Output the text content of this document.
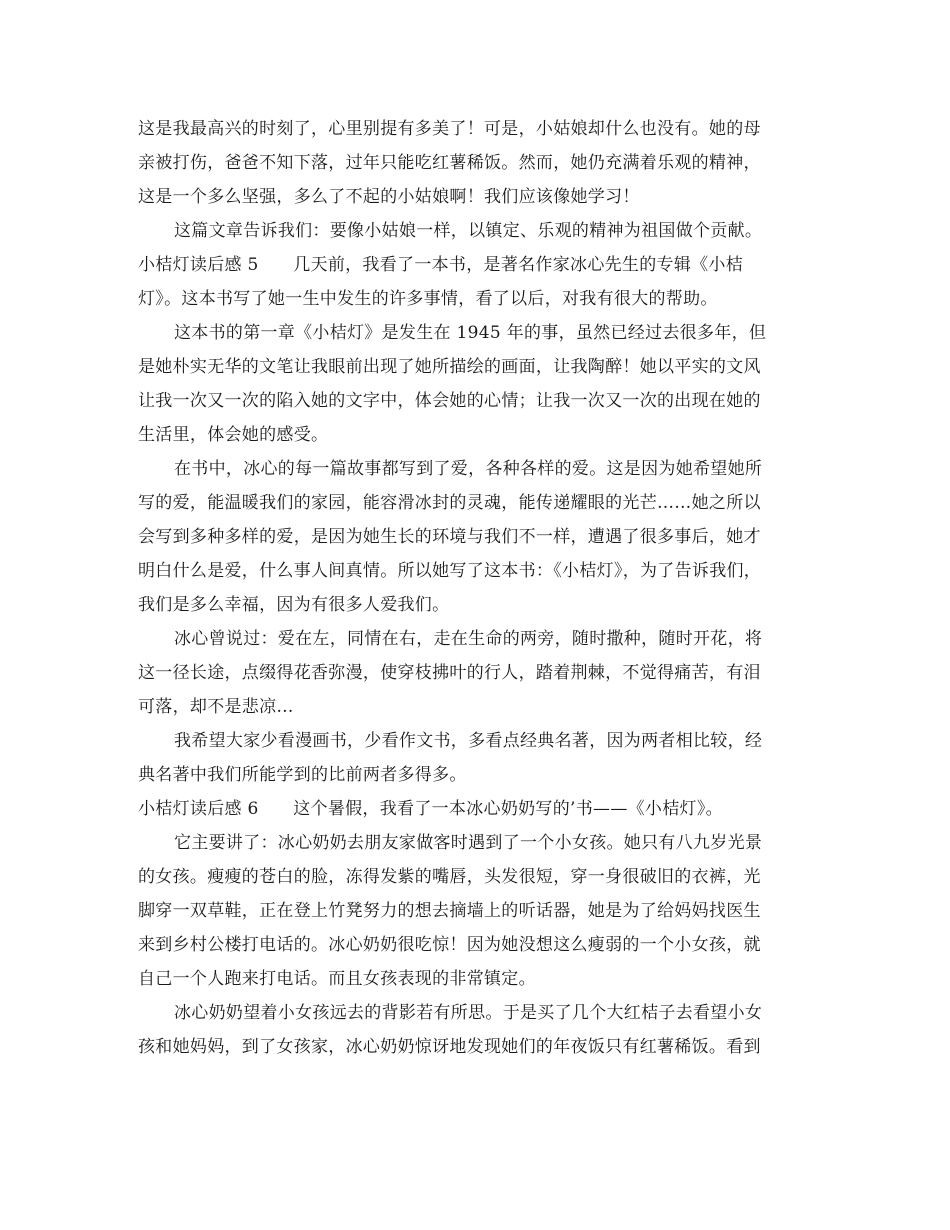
这是我最高兴的时刻了，心里别提有多美了！可是，小姑娘却什么也没有。她的母
亲被打伤，爸爸不知下落，过年只能吃红薯稀饭。然而，她仍充满着乐观的精神，
这是一个多么坚强，多么了不起的小姑娘啊！我们应该像她学习！
这篇文章告诉我们：要像小姑娘一样，以镇定、乐观的精神为祖国做个贡献。
小桔灯读后感 5　　几天前，我看了一本书，是著名作家冰心先生的专辑《小桔
灯》。这本书写了她一生中发生的许多事情，看了以后，对我有很大的帮助。
这本书的第一章《小桔灯》是发生在 1945 年的事，虽然已经过去很多年，但
是她朴实无华的文笔让我眼前出现了她所描绘的画面，让我陶醉！她以平实的文风
让我一次又一次的陷入她的文字中，体会她的心情；让我一次又一次的出现在她的
生活里，体会她的感受。
在书中，冰心的每一篇故事都写到了爱，各种各样的爱。这是因为她希望她所
写的爱，能温暖我们的家园，能容滑冰封的灵魂，能传递耀眼的光芒……她之所以
会写到多种多样的爱，是因为她生长的环境与我们不一样，遭遇了很多事后，她才
明白什么是爱，什么事人间真情。所以她写了这本书：《小桔灯》，为了告诉我们，
我们是多么幸福，因为有很多人爱我们。
冰心曾说过：爱在左，同情在右，走在生命的两旁，随时撒种，随时开花，将
这一径长途，点缀得花香弥漫，使穿枝拂叶的行人，踏着荆棘，不觉得痛苦，有泪
可落，却不是悲凉…
我希望大家少看漫画书，少看作文书，多看点经典名著，因为两者相比较，经
典名著中我们所能学到的比前两者多得多。
小桔灯读后感 6　　这个暑假，我看了一本冰心奶奶写的’书——《小桔灯》。
它主要讲了：冰心奶奶去朋友家做客时遇到了一个小女孩。她只有八九岁光景
的女孩。瘦瘦的苍白的脸，冻得发紫的嘴唇，头发很短，穿一身很破旧的衣裤，光
脚穿一双草鞋，正在登上竹凳努力的想去摘墙上的听话器，她是为了给妈妈找医生
来到乡村公楼打电话的。冰心奶奶很吃惊！因为她没想这么瘦弱的一个小女孩，就
自己一个人跑来打电话。而且女孩表现的非常镇定。
冰心奶奶望着小女孩远去的背影若有所思。于是买了几个大红桔子去看望小女
孩和她妈妈，到了女孩家，冰心奶奶惊讶地发现她们的年夜饭只有红薯稀饭。看到
